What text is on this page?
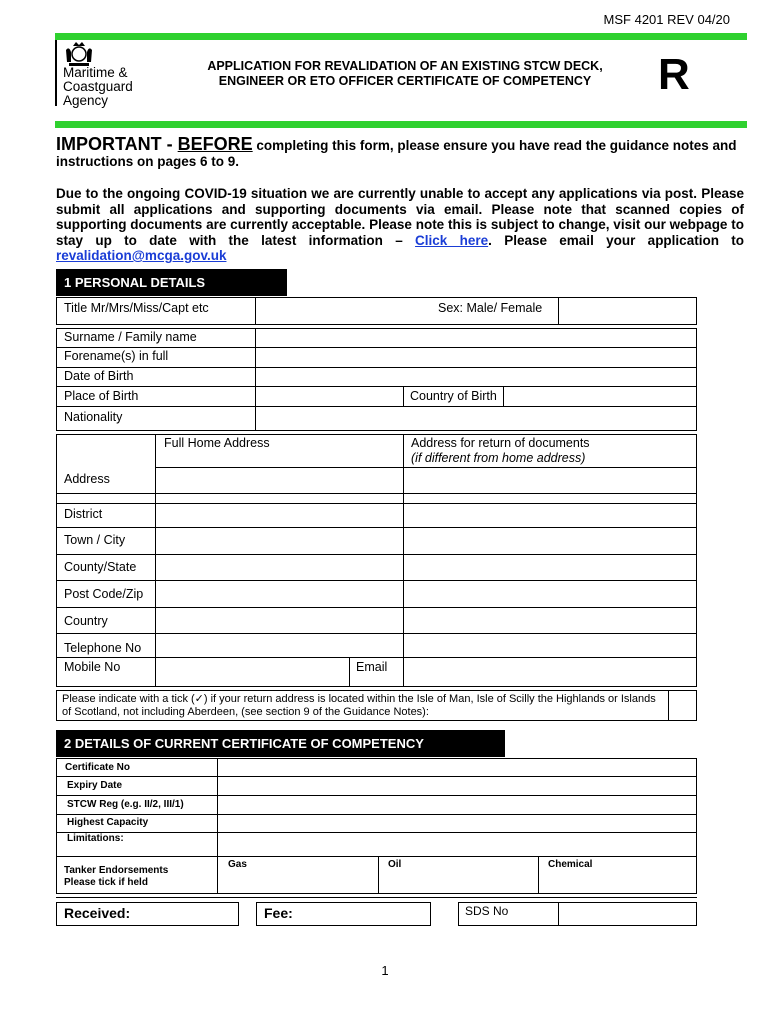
MSF 4201 REV 04/20
Maritime &
Coastguard
Agency
APPLICATION FOR REVALIDATION OF AN EXISTING STCW DECK,
ENGINEER OR ETO OFFICER CERTIFICATE OF COMPETENCY	R
IMPORTANT - BEFORE completing this form, please ensure you have read the guidance notes and instructions on pages 6 to 9.
Due to the ongoing COVID-19 situation we are currently unable to accept any applications via post. Please submit all applications and supporting documents via email. Please note that scanned copies of supporting documents are currently acceptable. Please note this is subject to change, visit our webpage to stay up to date with the latest information – Click here. Please email your application to revalidation@mcga.gov.uk
1 PERSONAL DETAILS
Title Mr/Mrs/Miss/Capt etc	Sex: Male/ Female
Surname / Family name
Forename(s) in full
Date of Birth
Place of Birth	Country of Birth
Nationality
Full Home Address	Address for return of documents
(if different from home address)
Address
District
Town / City
County/State
Post Code/Zip
Country
Telephone No
Mobile No	Email
Please indicate with a tick (✓) if your return address is located within the Isle of Man, Isle of Scilly the Highlands or Islands of Scotland, not including Aberdeen, (see section 9 of the Guidance Notes):
2 DETAILS OF CURRENT CERTIFICATE OF COMPETENCY
Certificate No
Expiry Date
STCW Reg (e.g. II/2, III/1)
Highest Capacity
Limitations:
Tanker Endorsements
Please tick if held
Gas	Oil	Chemical
Received:	Fee:	SDS No
1
